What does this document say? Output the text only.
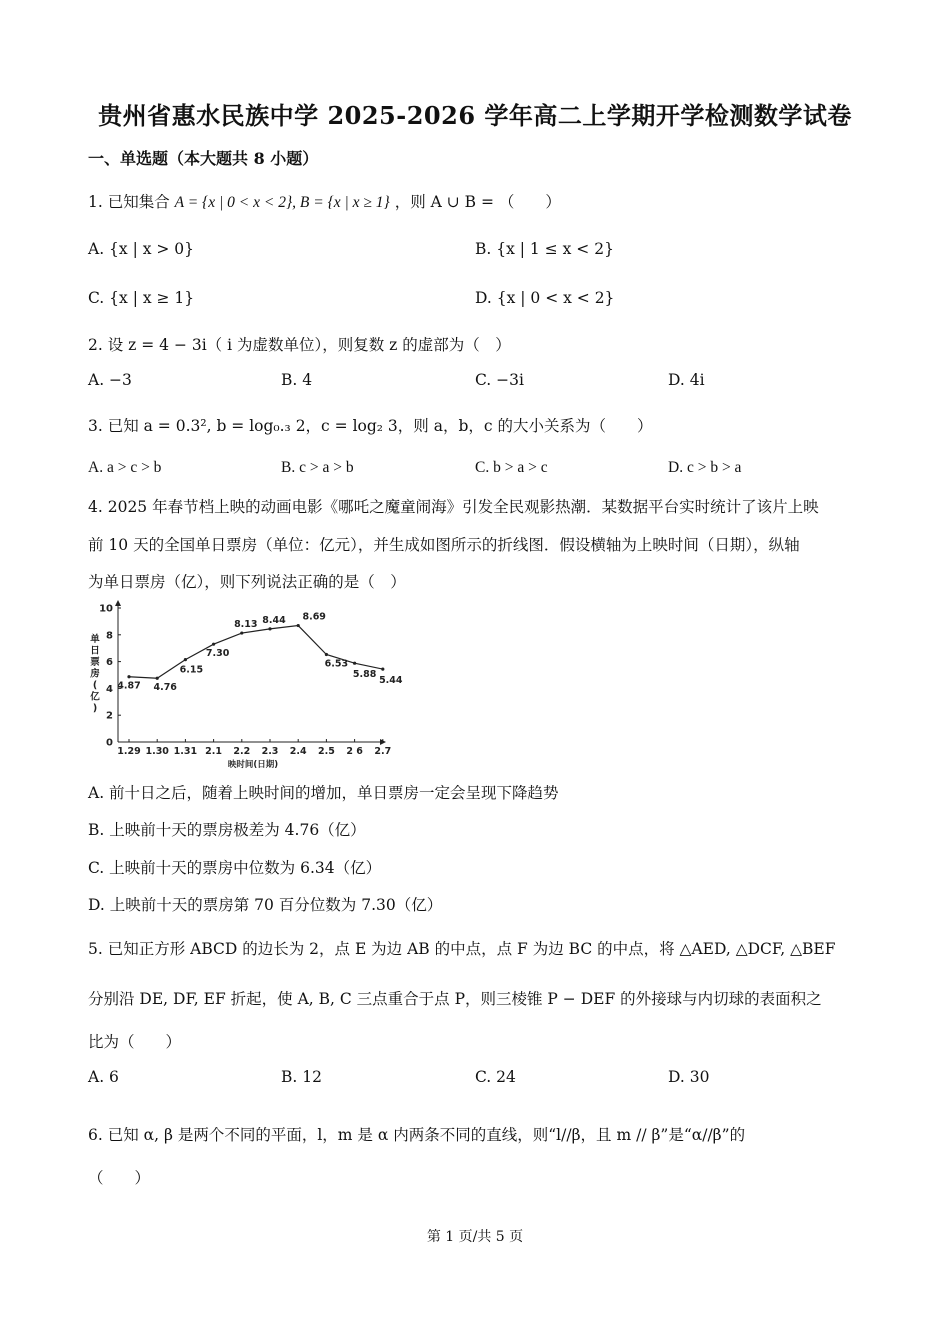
贵州省惠水民族中学 2025-2026 学年高二上学期开学检测数学试卷
一、单选题（本大题共 8 小题）
1. 已知集合 A = {x | 0 < x < 2}, B = {x | x ≥ 1} ，则 A ∪ B = （　　）
A. {x | x > 0}	B. {x | 1 ≤ x < 2}
C. {x | x ≥ 1}	D. {x | 0 < x < 2}
2. 设 z = 4 − 3i（ i 为虚数单位），则复数 z 的虚部为（　）
A. −3	B. 4	C. −3i	D. 4i
3. 已知 a = 0.3², b = log₀.₃ 2，c = log₂ 3，则 a，b，c 的大小关系为（　　）
A. a > c > b	B. c > a > b	C. b > a > c	D. c > b > a
4. 2025 年春节档上映的动画电影《哪吒之魔童闹海》引发全民观影热潮．某数据平台实时统计了该片上映
前 10 天的全国单日票房（单位：亿元），并生成如图所示的折线图．假设横轴为上映时间（日期），纵轴
为单日票房（亿），则下列说法正确的是（　）
单
日
票
房
(
亿
)
0
2
4
6
8
10
1.29 1.30 1.31 2.1 2.2 2.3 2.4 2.5 2 6 2.7
4.87 4.76
6.15
7.30
8.13 8.44 8.69
6.53
5.88
5.44
映时间(日期)
A. 前十日之后，随着上映时间的增加，单日票房一定会呈现下降趋势
B. 上映前十天的票房极差为 4.76（亿）
C. 上映前十天的票房中位数为 6.34（亿）
D. 上映前十天的票房第 70 百分位数为 7.30（亿）
5. 已知正方形 ABCD 的边长为 2，点 E 为边 AB 的中点，点 F 为边 BC 的中点，将 △AED, △DCF, △BEF
分别沿 DE, DF, EF 折起，使 A, B, C 三点重合于点 P，则三棱锥 P − DEF 的外接球与内切球的表面积之
比为（　　）
A. 6	B. 12	C. 24	D. 30
6. 已知 α, β 是两个不同的平面，l，m 是 α 内两条不同的直线，则“l//β，且 m // β”是“α//β”的
（　　）
第 1 页/共 5 页
